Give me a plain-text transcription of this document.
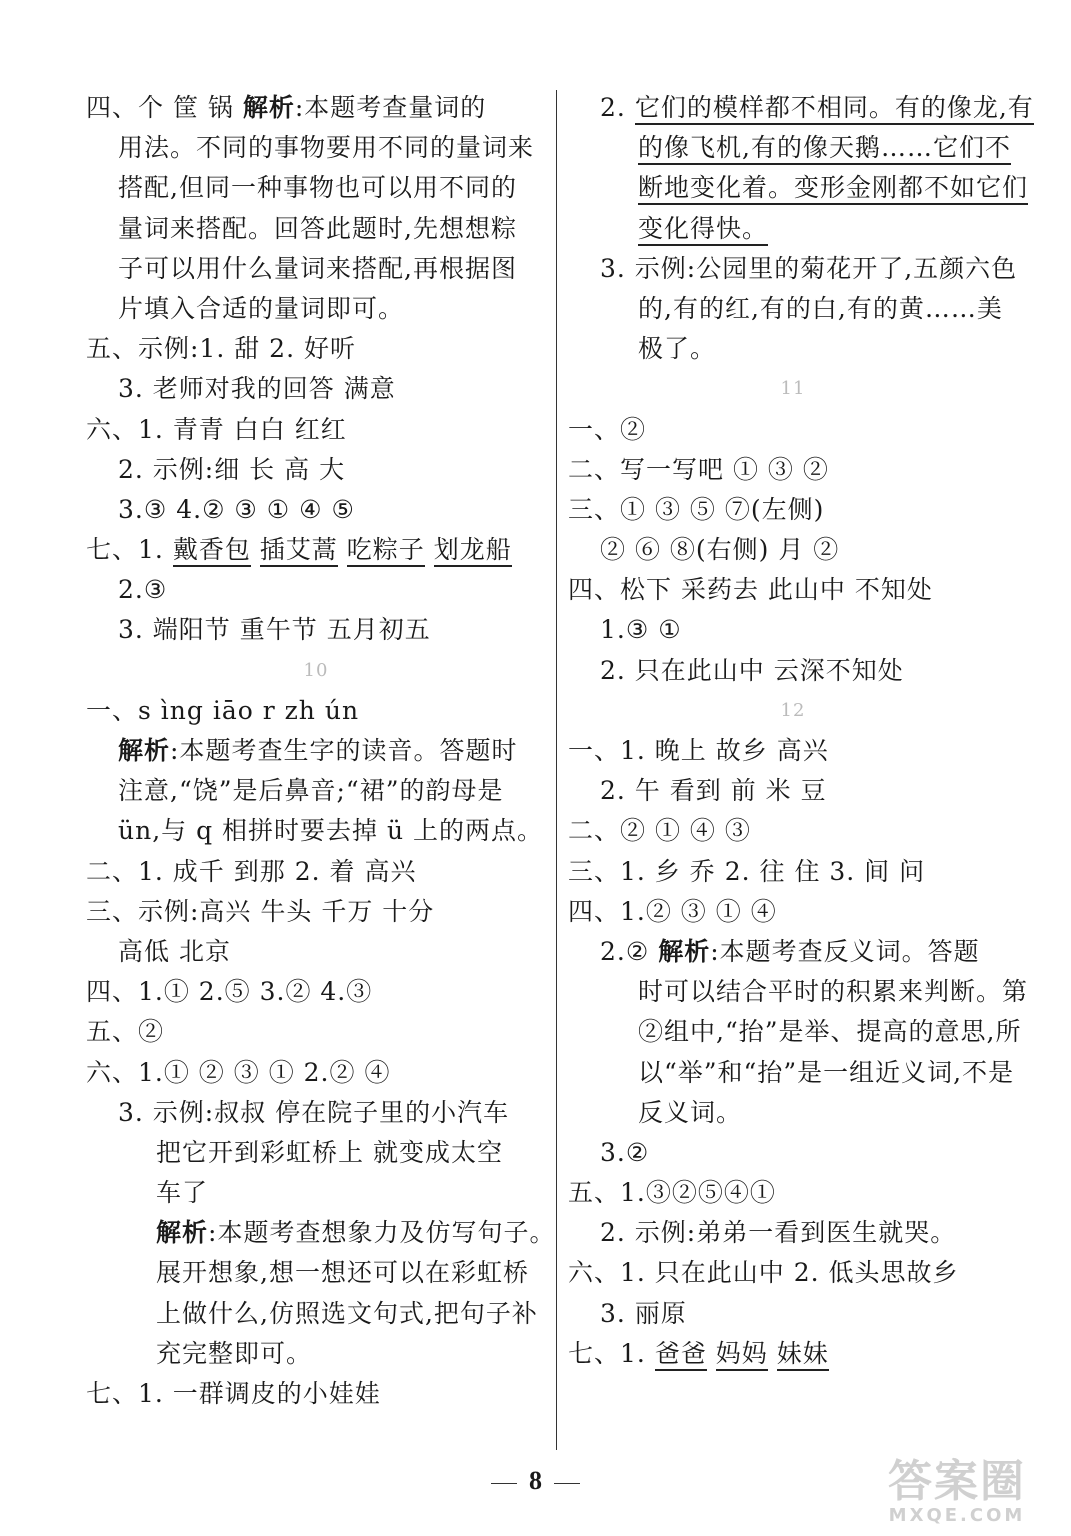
四、个 筐 锅 解析:本题考查量词的
用法。不同的事物要用不同的量词来
搭配,但同一种事物也可以用不同的
量词来搭配。回答此题时,先想想粽
子可以用什么量词来搭配,再根据图
片填入合适的量词即可。
五、示例:1. 甜 2. 好听
3. 老师对我的回答 满意
六、1. 青青 白白 红红
2. 示例:细 长 高 大
3.③ 4.② ③ ① ④ ⑤
七、1. 戴香包 插艾蒿 吃粽子 划龙船
2.③
3. 端阳节 重午节 五月初五
10
一、s ìng iāo r zh ún
解析:本题考查生字的读音。答题时
注意,“饶”是后鼻音;“裙”的韵母是
ün,与 q 相拼时要去掉 ü 上的两点。
二、1. 成千 到那 2. 着 高兴
三、示例:高兴 牛头 千万 十分
高低 北京
四、1.① 2.⑤ 3.② 4.③
五、②
六、1.① ② ③ ① 2.② ④
3. 示例:叔叔 停在院子里的小汽车
把它开到彩虹桥上 就变成太空
车了
解析:本题考查想象力及仿写句子。
展开想象,想一想还可以在彩虹桥
上做什么,仿照选文句式,把句子补
充完整即可。
七、1. 一群调皮的小娃娃
2. 它们的模样都不相同。有的像龙,有
的像飞机,有的像天鹅……它们不
断地变化着。变形金刚都不如它们
变化得快。
3. 示例:公园里的菊花开了,五颜六色
的,有的红,有的白,有的黄……美
极了。
11
一、②
二、写一写吧 ① ③ ②
三、① ③ ⑤ ⑦(左侧)
② ⑥ ⑧(右侧) 月 ②
四、松下 采药去 此山中 不知处
1.③ ①
2. 只在此山中 云深不知处
12
一、1. 晚上 故乡 高兴
2. 午 看到 前 米 豆
二、② ① ④ ③
三、1. 乡 乔 2. 往 住 3. 间 问
四、1.② ③ ① ④
2.② 解析:本题考查反义词。答题
时可以结合平时的积累来判断。第
②组中,“抬”是举、提高的意思,所
以“举”和“抬”是一组近义词,不是
反义词。
3.②
五、1.③②⑤④①
2. 示例:弟弟一看到医生就哭。
六、1. 只在此山中 2. 低头思故乡
3. 丽原
七、1. 爸爸 妈妈 妹妹
8	答案圈
MXQE.COM
